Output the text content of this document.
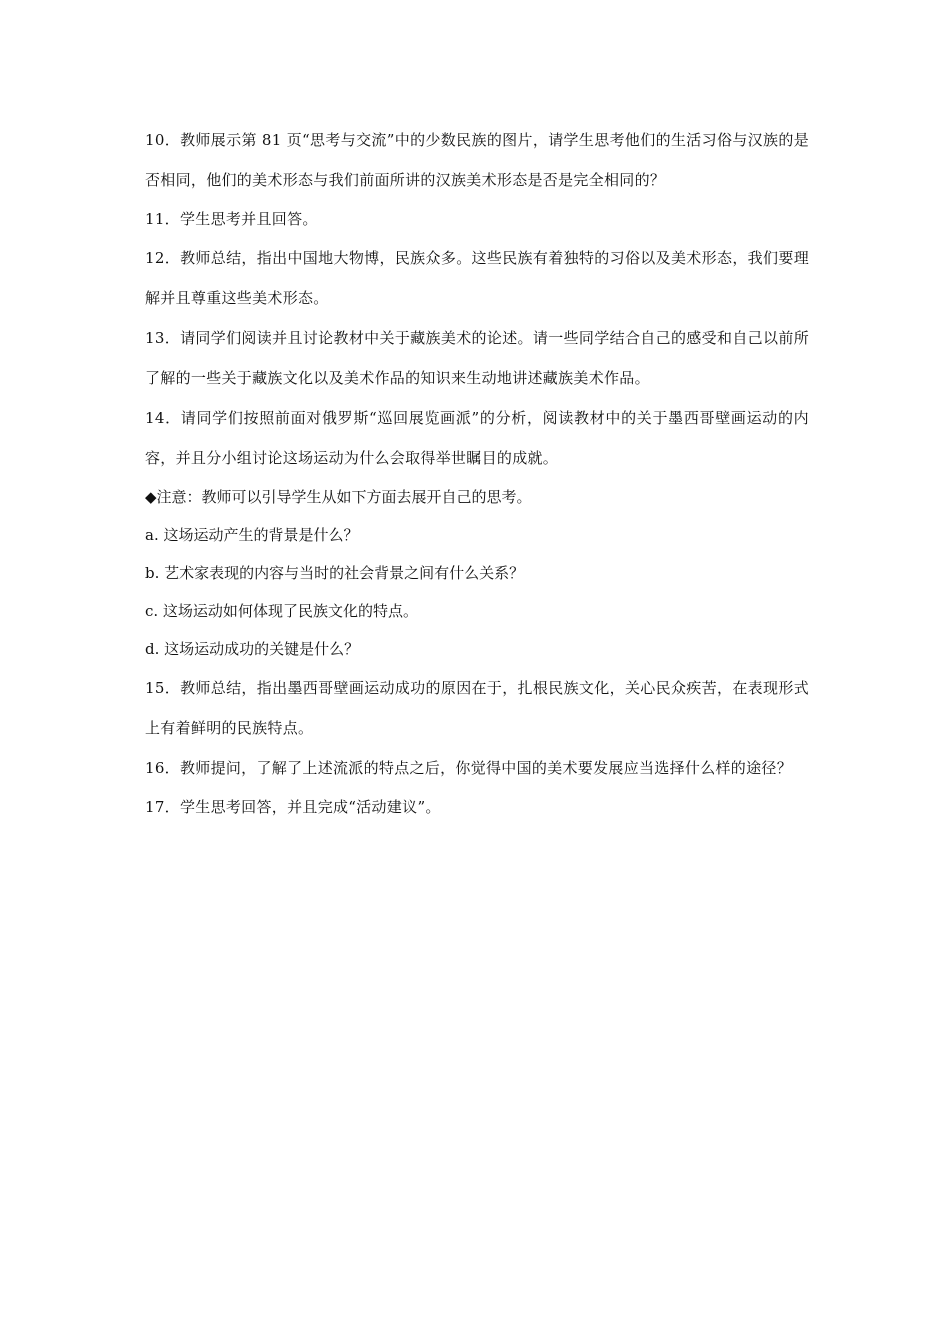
10．教师展示第 81 页“思考与交流”中的少数民族的图片，请学生思考他们的生活习俗与汉族的是否相同，他们的美术形态与我们前面所讲的汉族美术形态是否是完全相同的？

11．学生思考并且回答。

12．教师总结，指出中国地大物博，民族众多。这些民族有着独特的习俗以及美术形态，我们要理解并且尊重这些美术形态。

13．请同学们阅读并且讨论教材中关于藏族美术的论述。请一些同学结合自己的感受和自己以前所了解的一些关于藏族文化以及美术作品的知识来生动地讲述藏族美术作品。

14．请同学们按照前面对俄罗斯“巡回展览画派”的分析，阅读教材中的关于墨西哥壁画运动的内容，并且分小组讨论这场运动为什么会取得举世瞩目的成就。

◆注意：教师可以引导学生从如下方面去展开自己的思考。

a. 这场运动产生的背景是什么？

b. 艺术家表现的内容与当时的社会背景之间有什么关系？

c. 这场运动如何体现了民族文化的特点。

d. 这场运动成功的关键是什么？

15．教师总结，指出墨西哥壁画运动成功的原因在于，扎根民族文化，关心民众疾苦，在表现形式上有着鲜明的民族特点。

16．教师提问，了解了上述流派的特点之后，你觉得中国的美术要发展应当选择什么样的途径？

17．学生思考回答，并且完成“活动建议”。
